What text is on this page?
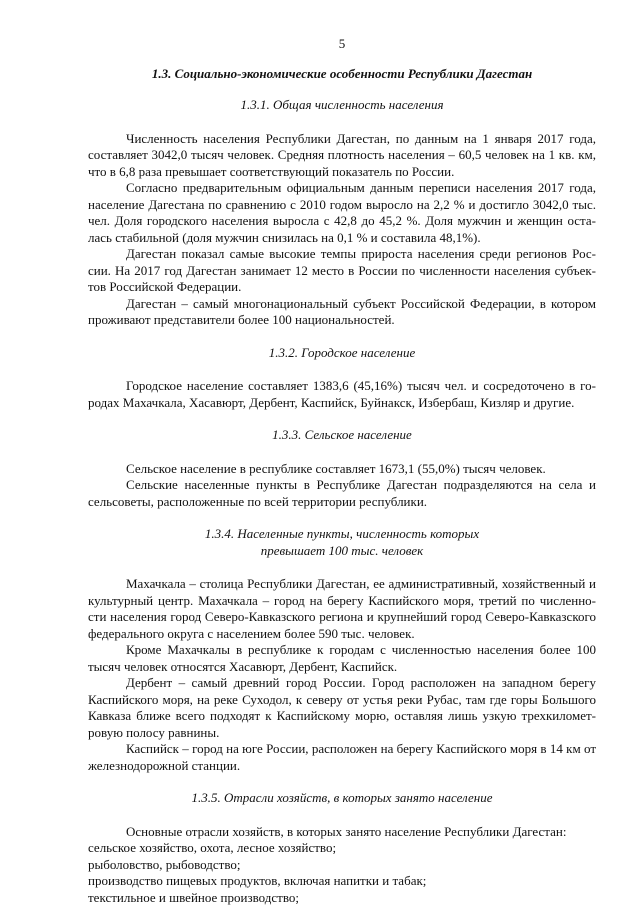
5
1.3. Социально-экономические особенности Республики Дагестан
1.3.1. Общая численность населения

Численность населения Республики Дагестан, по данным на 1 января 2017 года, составляет 3042,0 тысяч человек. Средняя плотность населения – 60,5 человек на 1 кв. км, что в 6,8 раза превышает соответствующий показатель по России.

Согласно предварительным официальным данным переписи населения 2017 года, население Дагестана по сравнению с 2010 годом выросло на 2,2 % и достигло 3042,0 тыс. чел. Доля городского населения выросла с 42,8 до 45,2 %. Доля мужчин и женщин оста-лась стабильной (доля мужчин снизилась на 0,1 % и составила 48,1%).

Дагестан показал самые высокие темпы прироста населения среди регионов Рос-сии. На 2017 год Дагестан занимает 12 место в России по численности населения субъек-тов Российской Федерации.

Дагестан – самый многонациональный субъект Российской Федерации, в котором проживают представители более 100 национальностей.

1.3.2. Городское население

Городское население составляет 1383,6 (45,16%) тысяч чел. и сосредоточено в го-родах Махачкала, Хасавюрт, Дербент, Каспийск, Буйнакск, Избербаш, Кизляр и другие.

1.3.3. Сельское население

Сельское население в республике составляет 1673,1 (55,0%) тысяч человек.

Сельские населенные пункты в Республике Дагестан подразделяются на села и сельсоветы, расположенные по всей территории республики.

1.3.4. Населенные пункты, численность которых
превышает 100 тыс. человек

Махачкала – столица Республики Дагестан, ее административный, хозяйственный и культурный центр. Махачкала – город на берегу Каспийского моря, третий по численно-сти населения город Северо-Кавказского региона и крупнейший город Северо-Кавказского федерального округа с населением более 590 тыс. человек.

Кроме Махачкалы в республике к городам с численностью населения более 100 тысяч человек относятся Хасавюрт, Дербент, Каспийск.

Дербент – самый древний город России. Город расположен на западном берегу Каспийского моря, на реке Суходол, к северу от устья реки Рубас, там где горы Большого Кавказа ближе всего подходят к Каспийскому морю, оставляя лишь узкую трехкиломет-ровую полосу равнины.

Каспийск – город на юге России, расположен на берегу Каспийского моря в 14 км от железнодорожной станции.

1.3.5. Отрасли хозяйств, в которых занято население

Основные отрасли хозяйств, в которых занято население Республики Дагестан:

сельское хозяйство, охота, лесное хозяйство;

рыболовство, рыбоводство;

производство пищевых продуктов, включая напитки и табак;

текстильное и швейное производство;
